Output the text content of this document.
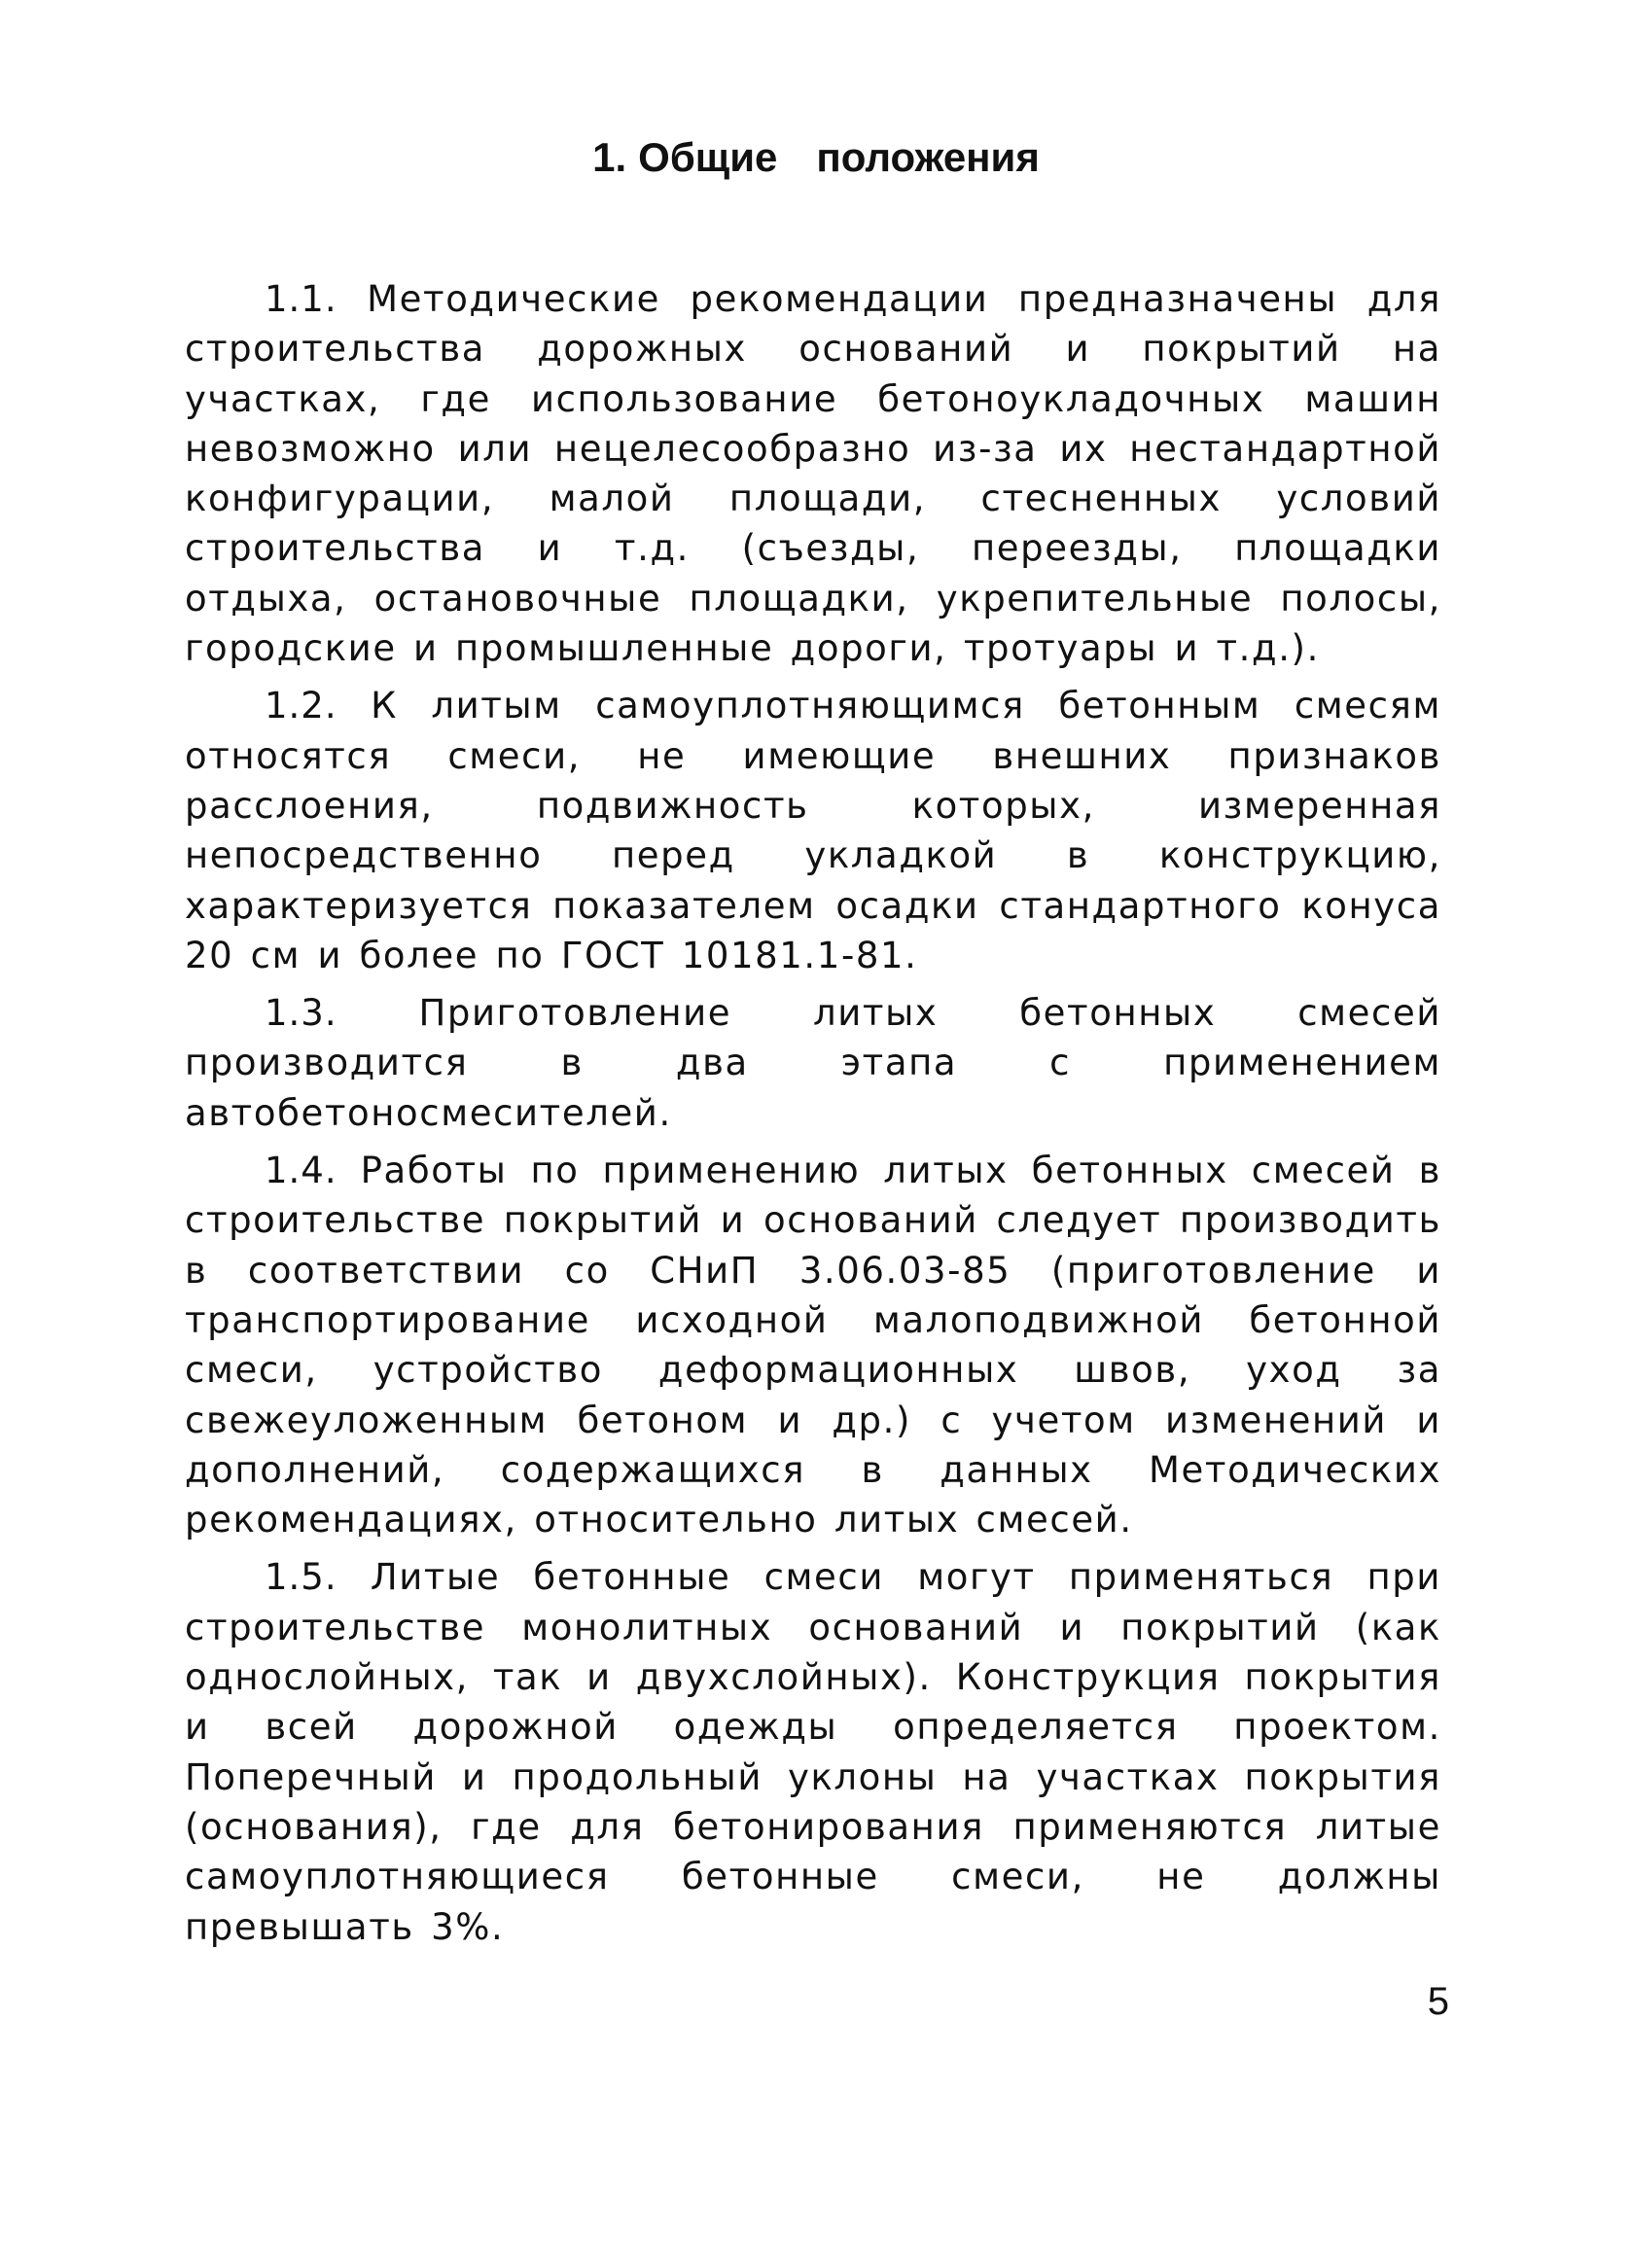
1. Общие положения

1.1. Методические рекомендации предназначены для строительства дорожных оснований и покрытий на участках, где использование бетоноукладочных машин невозможно или нецелесообразно из-за их нестандартной конфигурации, малой площади, стесненных условий строительства и т.д. (съезды, переезды, площадки отдыха, остановочные площадки, укрепительные полосы, городские и промышленные дороги, тротуары и т.д.).

1.2. К литым самоуплотняющимся бетонным смесям относятся смеси, не имеющие внешних признаков расслоения, подвижность которых, измеренная непосредственно перед укладкой в конструкцию, характеризуется показателем осадки стандартного конуса 20 см и более по ГОСТ 10181.1-81.

1.3. Приготовление литых бетонных смесей производится в два этапа с применением автобетоносмесителей.

1.4. Работы по применению литых бетонных смесей в строительстве покрытий и оснований следует производить в соответствии со СНиП 3.06.03-85 (приготовление и транспортирование исходной малоподвижной бетонной смеси, устройство деформационных швов, уход за свежеуложенным бетоном и др.) с учетом изменений и дополнений, содержащихся в данных Методических рекомендациях, относительно литых смесей.

1.5. Литые бетонные смеси могут применяться при строительстве монолитных оснований и покрытий (как однослойных, так и двухслойных). Конструкция покрытия и всей дорожной одежды определяется проектом. Поперечный и продольный уклоны на участках покрытия (основания), где для бетонирования применяются литые самоуплотняющиеся бетонные смеси, не должны превышать 3%.

5
